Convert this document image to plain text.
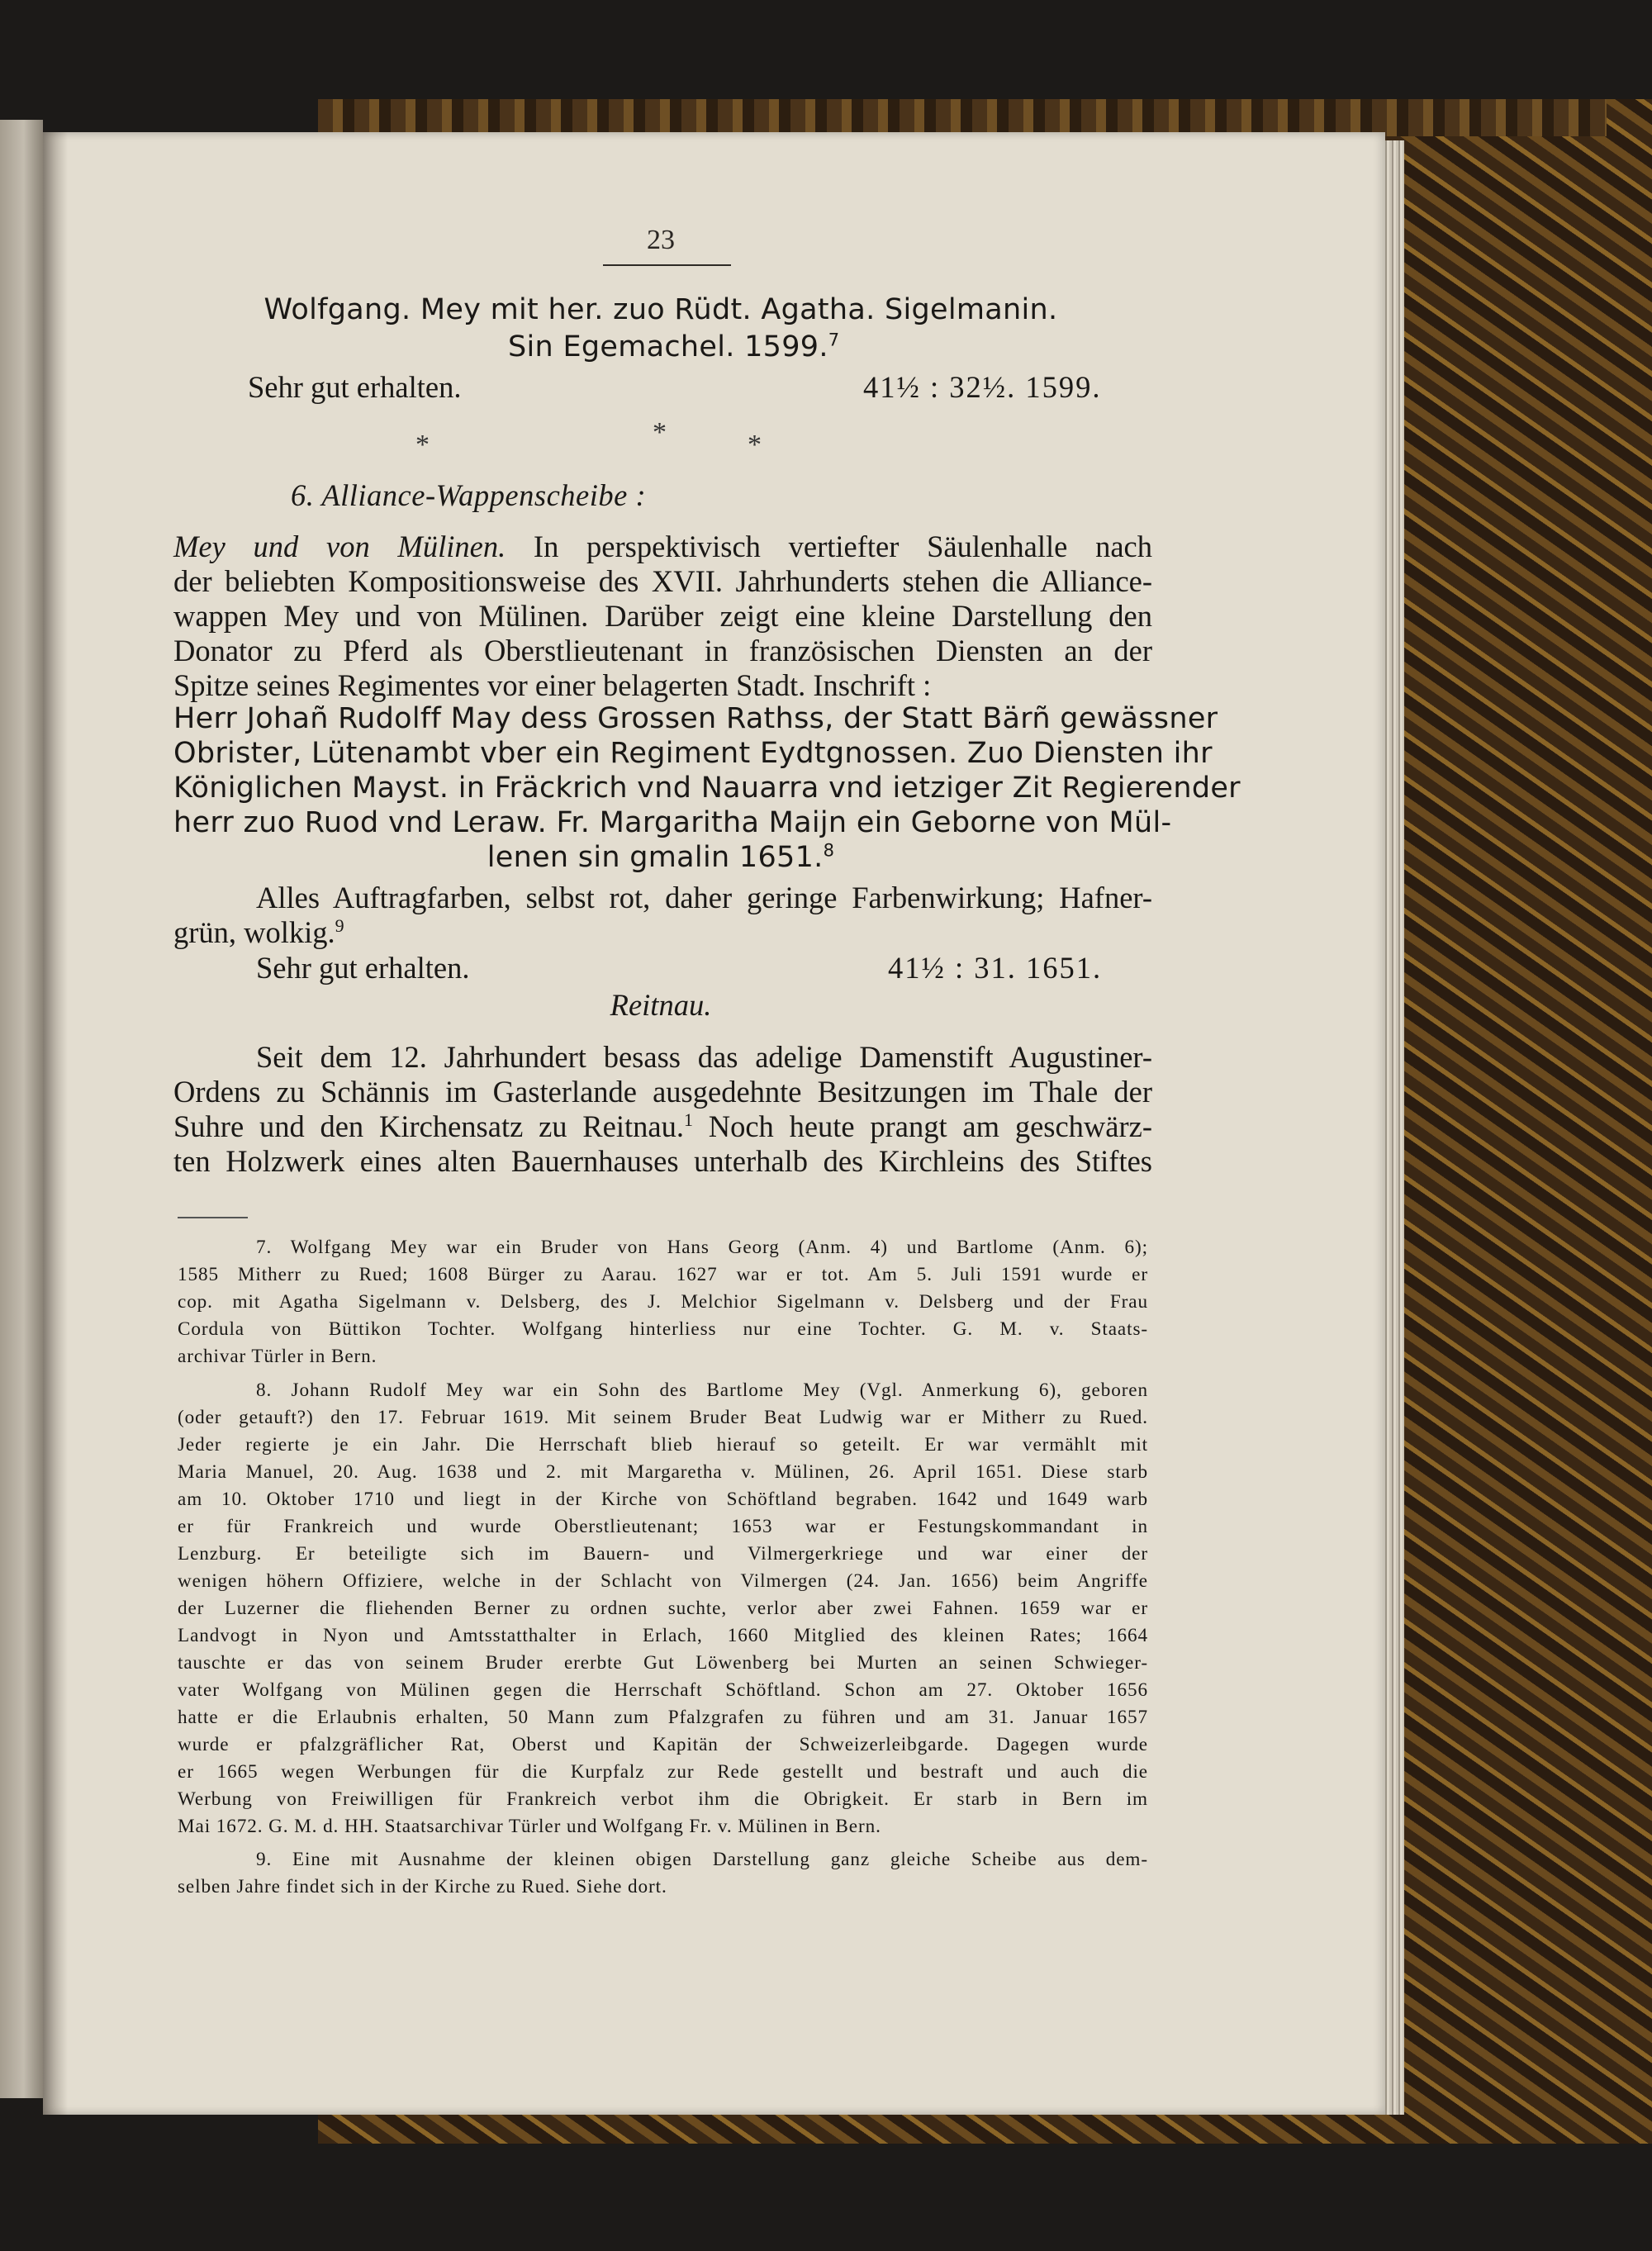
23
Wolfgang. Mey mit her. zuo Rüdt. Agatha. Sigelmanin.
Sin Egemachel. 1599.$^7$
Sehr gut erhalten.	41½ : 32½. 1599.
*	*	*
6. Alliance-Wappenscheibe :
Mey und von Mülinen. In perspektivisch vertiefter Säulenhalle nach
der beliebten Kompositionsweise des XVII. Jahrhunderts stehen die Alliance-
wappen Mey und von Mülinen. Darüber zeigt eine kleine Darstellung den
Donator zu Pferd als Oberstlieutenant in französischen Diensten an der
Spitze seines Regimentes vor einer belagerten Stadt. Inschrift :
Herr Johañ Rudolff May dess Grossen Rathss, der Statt Bärñ gewässner
Obrister, Lütenambt vber ein Regiment Eydtgnossen. Zuo Diensten ihr
Königlichen Mayst. in Fräckrich vnd Nauarra vnd ietziger Zit Regierender
herr zuo Ruod vnd Leraw. Fr. Margaritha Maijn ein Geborne von Mül-
lenen sin gmalin 1651.$^8$
Alles Auftragfarben, selbst rot, daher geringe Farbenwirkung; Hafner-
grün, wolkig.$^9$
Sehr gut erhalten.	41½ : 31. 1651.
Reitnau.
Seit dem 12. Jahrhundert besass das adelige Damenstift Augustiner-
Ordens zu Schännis im Gasterlande ausgedehnte Besitzungen im Thale der
Suhre und den Kirchensatz zu Reitnau.$^1$ Noch heute prangt am geschwärz-
ten Holzwerk eines alten Bauernhauses unterhalb des Kirchleins des Stiftes
7. Wolfgang Mey war ein Bruder von Hans Georg (Anm. 4) und Bartlome (Anm. 6);
1585 Mitherr zu Rued; 1608 Bürger zu Aarau. 1627 war er tot. Am 5. Juli 1591 wurde er
cop. mit Agatha Sigelmann v. Delsberg, des J. Melchior Sigelmann v. Delsberg und der Frau
Cordula von Büttikon Tochter. Wolfgang hinterliess nur eine Tochter. G. M. v. Staats-
archivar Türler in Bern.
8. Johann Rudolf Mey war ein Sohn des Bartlome Mey (Vgl. Anmerkung 6), geboren
(oder getauft?) den 17. Februar 1619. Mit seinem Bruder Beat Ludwig war er Mitherr zu Rued.
Jeder regierte je ein Jahr. Die Herrschaft blieb hierauf so geteilt. Er war vermählt mit
Maria Manuel, 20. Aug. 1638 und 2. mit Margaretha v. Mülinen, 26. April 1651. Diese starb
am 10. Oktober 1710 und liegt in der Kirche von Schöftland begraben. 1642 und 1649 warb
er für Frankreich und wurde Oberstlieutenant; 1653 war er Festungskommandant in
Lenzburg. Er beteiligte sich im Bauern- und Vilmergerkriege und war einer der
wenigen höhern Offiziere, welche in der Schlacht von Vilmergen (24. Jan. 1656) beim Angriffe
der Luzerner die fliehenden Berner zu ordnen suchte, verlor aber zwei Fahnen. 1659 war er
Landvogt in Nyon und Amtsstatthalter in Erlach, 1660 Mitglied des kleinen Rates; 1664
tauschte er das von seinem Bruder ererbte Gut Löwenberg bei Murten an seinen Schwieger-
vater Wolfgang von Mülinen gegen die Herrschaft Schöftland. Schon am 27. Oktober 1656
hatte er die Erlaubnis erhalten, 50 Mann zum Pfalzgrafen zu führen und am 31. Januar 1657
wurde er pfalzgräflicher Rat, Oberst und Kapitän der Schweizerleibgarde. Dagegen wurde
er 1665 wegen Werbungen für die Kurpfalz zur Rede gestellt und bestraft und auch die
Werbung von Freiwilligen für Frankreich verbot ihm die Obrigkeit. Er starb in Bern im
Mai 1672. G. M. d. HH. Staatsarchivar Türler und Wolfgang Fr. v. Mülinen in Bern.
9. Eine mit Ausnahme der kleinen obigen Darstellung ganz gleiche Scheibe aus dem-
selben Jahre findet sich in der Kirche zu Rued. Siehe dort.
